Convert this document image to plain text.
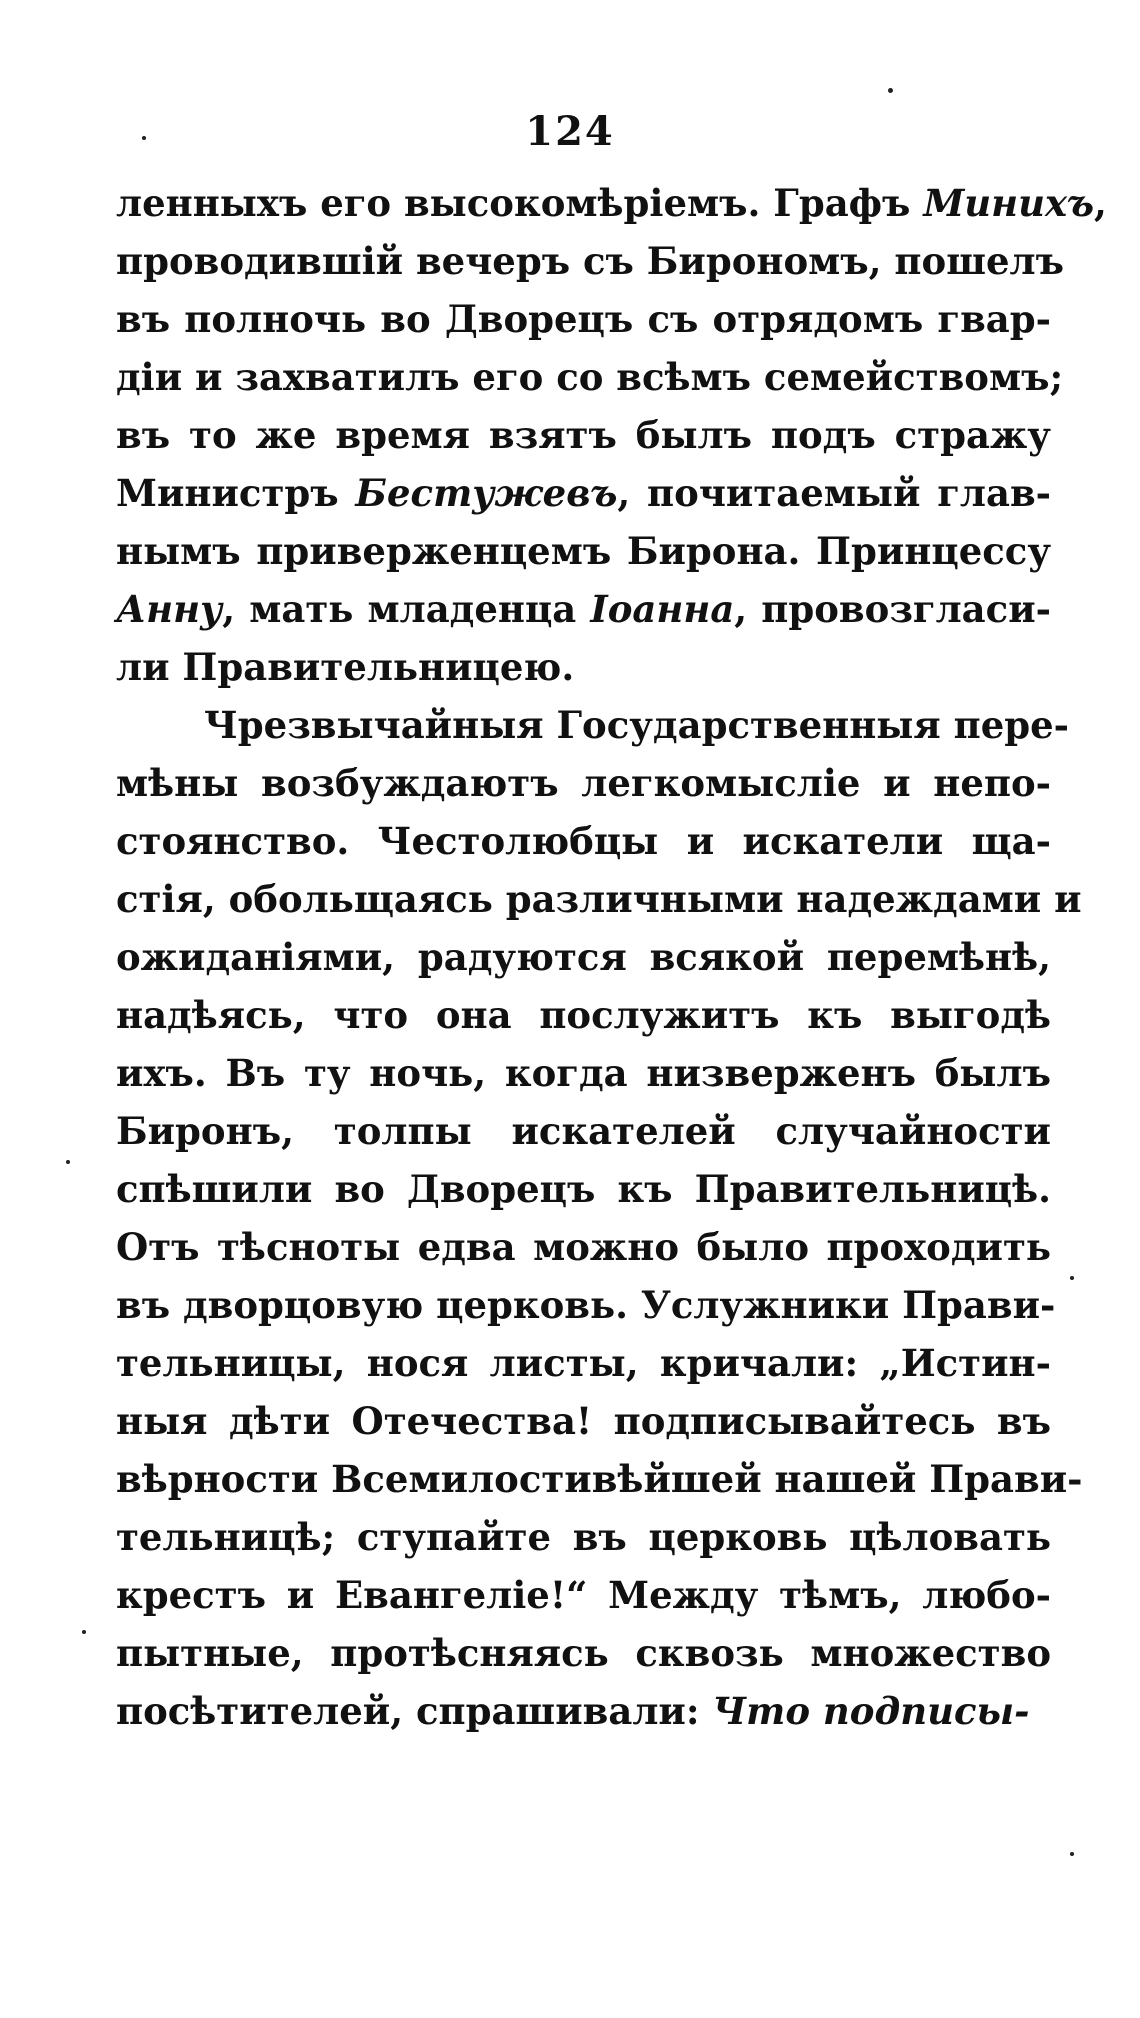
124
ленныхъ его высокомѣріемъ. Графъ Минихъ,
проводившій вечеръ съ Бирономъ, пошелъ
въ полночь во Дворецъ съ отрядомъ гвар-
діи и захватилъ его со всѣмъ семействомъ;
въ то же время взятъ былъ подъ стражу
Министръ Бестужевъ, почитаемый глав-
нымъ приверженцемъ Бирона. Принцессу
Анну, мать младенца Іоанна, провозгласи-
ли Правительницею.
Чрезвычайныя Государственныя пере-
мѣны возбуждаютъ легкомысліе и непо-
стоянство. Честолюбцы и искатели ща-
стія, обольщаясь различными надеждами и
ожиданіями, радуются всякой перемѣнѣ,
надѣясь, что она послужитъ къ выгодѣ
ихъ. Въ ту ночь, когда низверженъ былъ
Биронъ, толпы искателей случайности
спѣшили во Дворецъ къ Правительницѣ.
Отъ тѣсноты едва можно было проходить
въ дворцовую церковь. Услужники Прави-
тельницы, нося листы, кричали: „Истин-
ныя дѣти Отечества! подписывайтесь въ
вѣрности Всемилостивѣйшей нашей Прави-
тельницѣ; ступайте въ церковь цѣловать
крестъ и Евангеліе!“ Между тѣмъ, любо-
пытные, протѣсняясь сквозь множество
посѣтителей, спрашивали: Что подписы-
